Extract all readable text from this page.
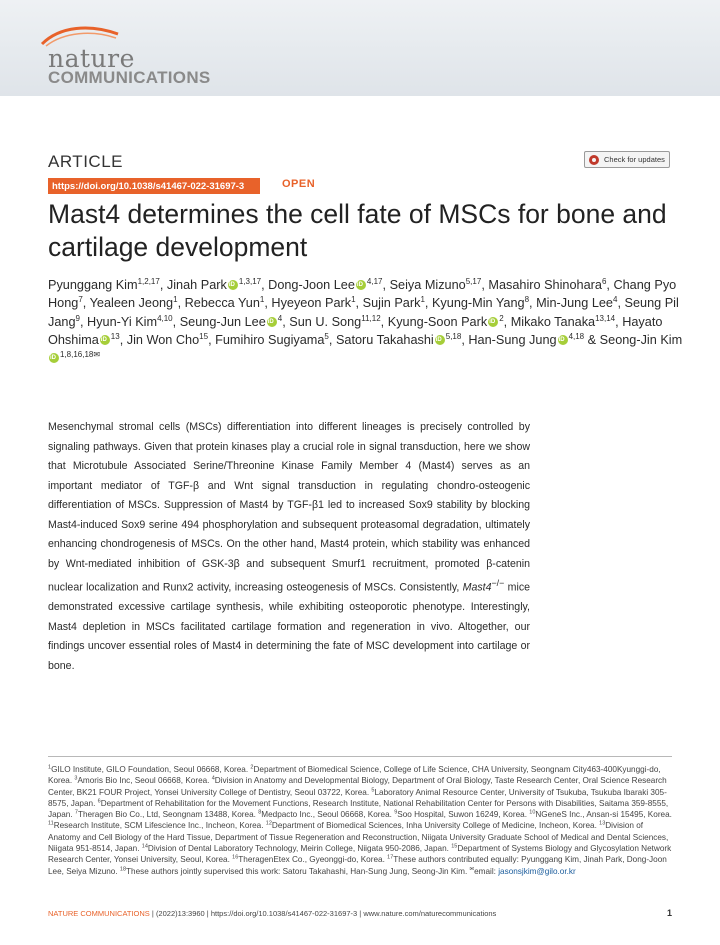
nature
COMMUNICATIONS
ARTICLE	Check for updates
https://doi.org/10.1038/s41467-022-31697-3	OPEN
Mast4 determines the cell fate of MSCs for bone and cartilage development
Pyunggang Kim$^{1,2,17}$, Jinah Park iD $^{1,3,17}$, Dong-Joon Lee iD $^{4,17}$, Seiya Mizuno$^{5,17}$, Masahiro Shinohara$^6$, Chang Pyo Hong$^7$, Yealeen Jeong$^1$, Rebecca Yun$^1$, Hyeyeon Park$^1$, Sujin Park$^1$, Kyung-Min Yang$^8$, Min-Jung Lee$^4$, Seung Pil Jang$^9$, Hyun-Yi Kim$^{4,10}$, Seung-Jun Lee iD $^4$, Sun U. Song$^{11,12}$, Kyung-Soon Park iD $^2$, Mikako Tanaka$^{13,14}$, Hayato Ohshima iD $^{13}$, Jin Won Cho$^{15}$, Fumihiro Sugiyama$^5$, Satoru Takahashi iD $^{5,18}$, Han-Sung Jung iD $^{4,18}$ & Seong-Jin KimiD$^{1,8,16,18✉}$
Mesenchymal stromal cells (MSCs) differentiation into different lineages is precisely controlled by signaling pathways. Given that protein kinases play a crucial role in signal transduction, here we show that Microtubule Associated Serine/Threonine Kinase Family Member 4 (Mast4) serves as an important mediator of TGF-β and Wnt signal transduction in regulating chondro-osteogenic differentiation of MSCs. Suppression of Mast4 by TGF-β1 led to increased Sox9 stability by blocking Mast4-induced Sox9 serine 494 phosphorylation and subsequent proteasomal degradation, ultimately enhancing chondrogenesis of MSCs. On the other hand, Mast4 protein, which stability was enhanced by Wnt-mediated inhibition of GSK-3β and subsequent Smurf1 recruitment, promoted β-catenin nuclear localization and Runx2 activity, increasing osteogenesis of MSCs. Consistently, Mast4−/− mice demonstrated excessive cartilage synthesis, while exhibiting osteoporotic phenotype. Interestingly, Mast4 depletion in MSCs facilitated cartilage formation and regeneration in vivo. Altogether, our findings uncover essential roles of Mast4 in determining the fate of MSC development into cartilage or bone.
$^1$GILO Institute, GILO Foundation, Seoul 06668, Korea. $^2$Department of Biomedical Science, College of Life Science, CHA University, Seongnam City463-400Kyunggi-do, Korea. $^3$Amoris Bio Inc, Seoul 06668, Korea. $^4$Division in Anatomy and Developmental Biology, Department of Oral Biology, Taste Research Center, Oral Science Research Center, BK21 FOUR Project, Yonsei University College of Dentistry, Seoul 03722, Korea. $^5$Laboratory Animal Resource Center, University of Tsukuba, Tsukuba Ibaraki 305-8575, Japan. $^6$Department of Rehabilitation for the Movement Functions, Research Institute, National Rehabilitation Center for Persons with Disabilities, Saitama 359-8555, Japan. $^7$Theragen Bio Co., Ltd, Seongnam 13488, Korea. $^8$Medpacto Inc., Seoul 06668, Korea. $^9$Soo Hospital, Suwon 16249, Korea. $^{10}$NGeneS Inc., Ansan-si 15495, Korea. $^{11}$Research Institute, SCM Lifescience Inc., Incheon, Korea. $^{12}$Department of Biomedical Sciences, Inha University College of Medicine, Incheon, Korea. $^{13}$Division of Anatomy and Cell Biology of the Hard Tissue, Department of Tissue Regeneration and Reconstruction, Niigata University Graduate School of Medical and Dental Sciences, Niigata 951-8514, Japan. $^{14}$Division of Dental Laboratory Technology, Meirin College, Niigata 950-2086, Japan. $^{15}$Department of Systems Biology and Glycosylation Network Research Center, Yonsei University, Seoul, Korea. $^{16}$TheragenEtex Co., Gyeonggi-do, Korea. $^{17}$These authors contributed equally: Pyunggang Kim, Jinah Park, Dong-Joon Lee, Seiya Mizuno. $^{18}$These authors jointly supervised this work: Satoru Takahashi, Han-Sung Jung, Seong-Jin Kim. ✉email: jasonsjkim@gilo.or.kr
NATURE COMMUNICATIONS | (2022)13:3960 | https://doi.org/10.1038/s41467-022-31697-3 | www.nature.com/naturecommunications	1
